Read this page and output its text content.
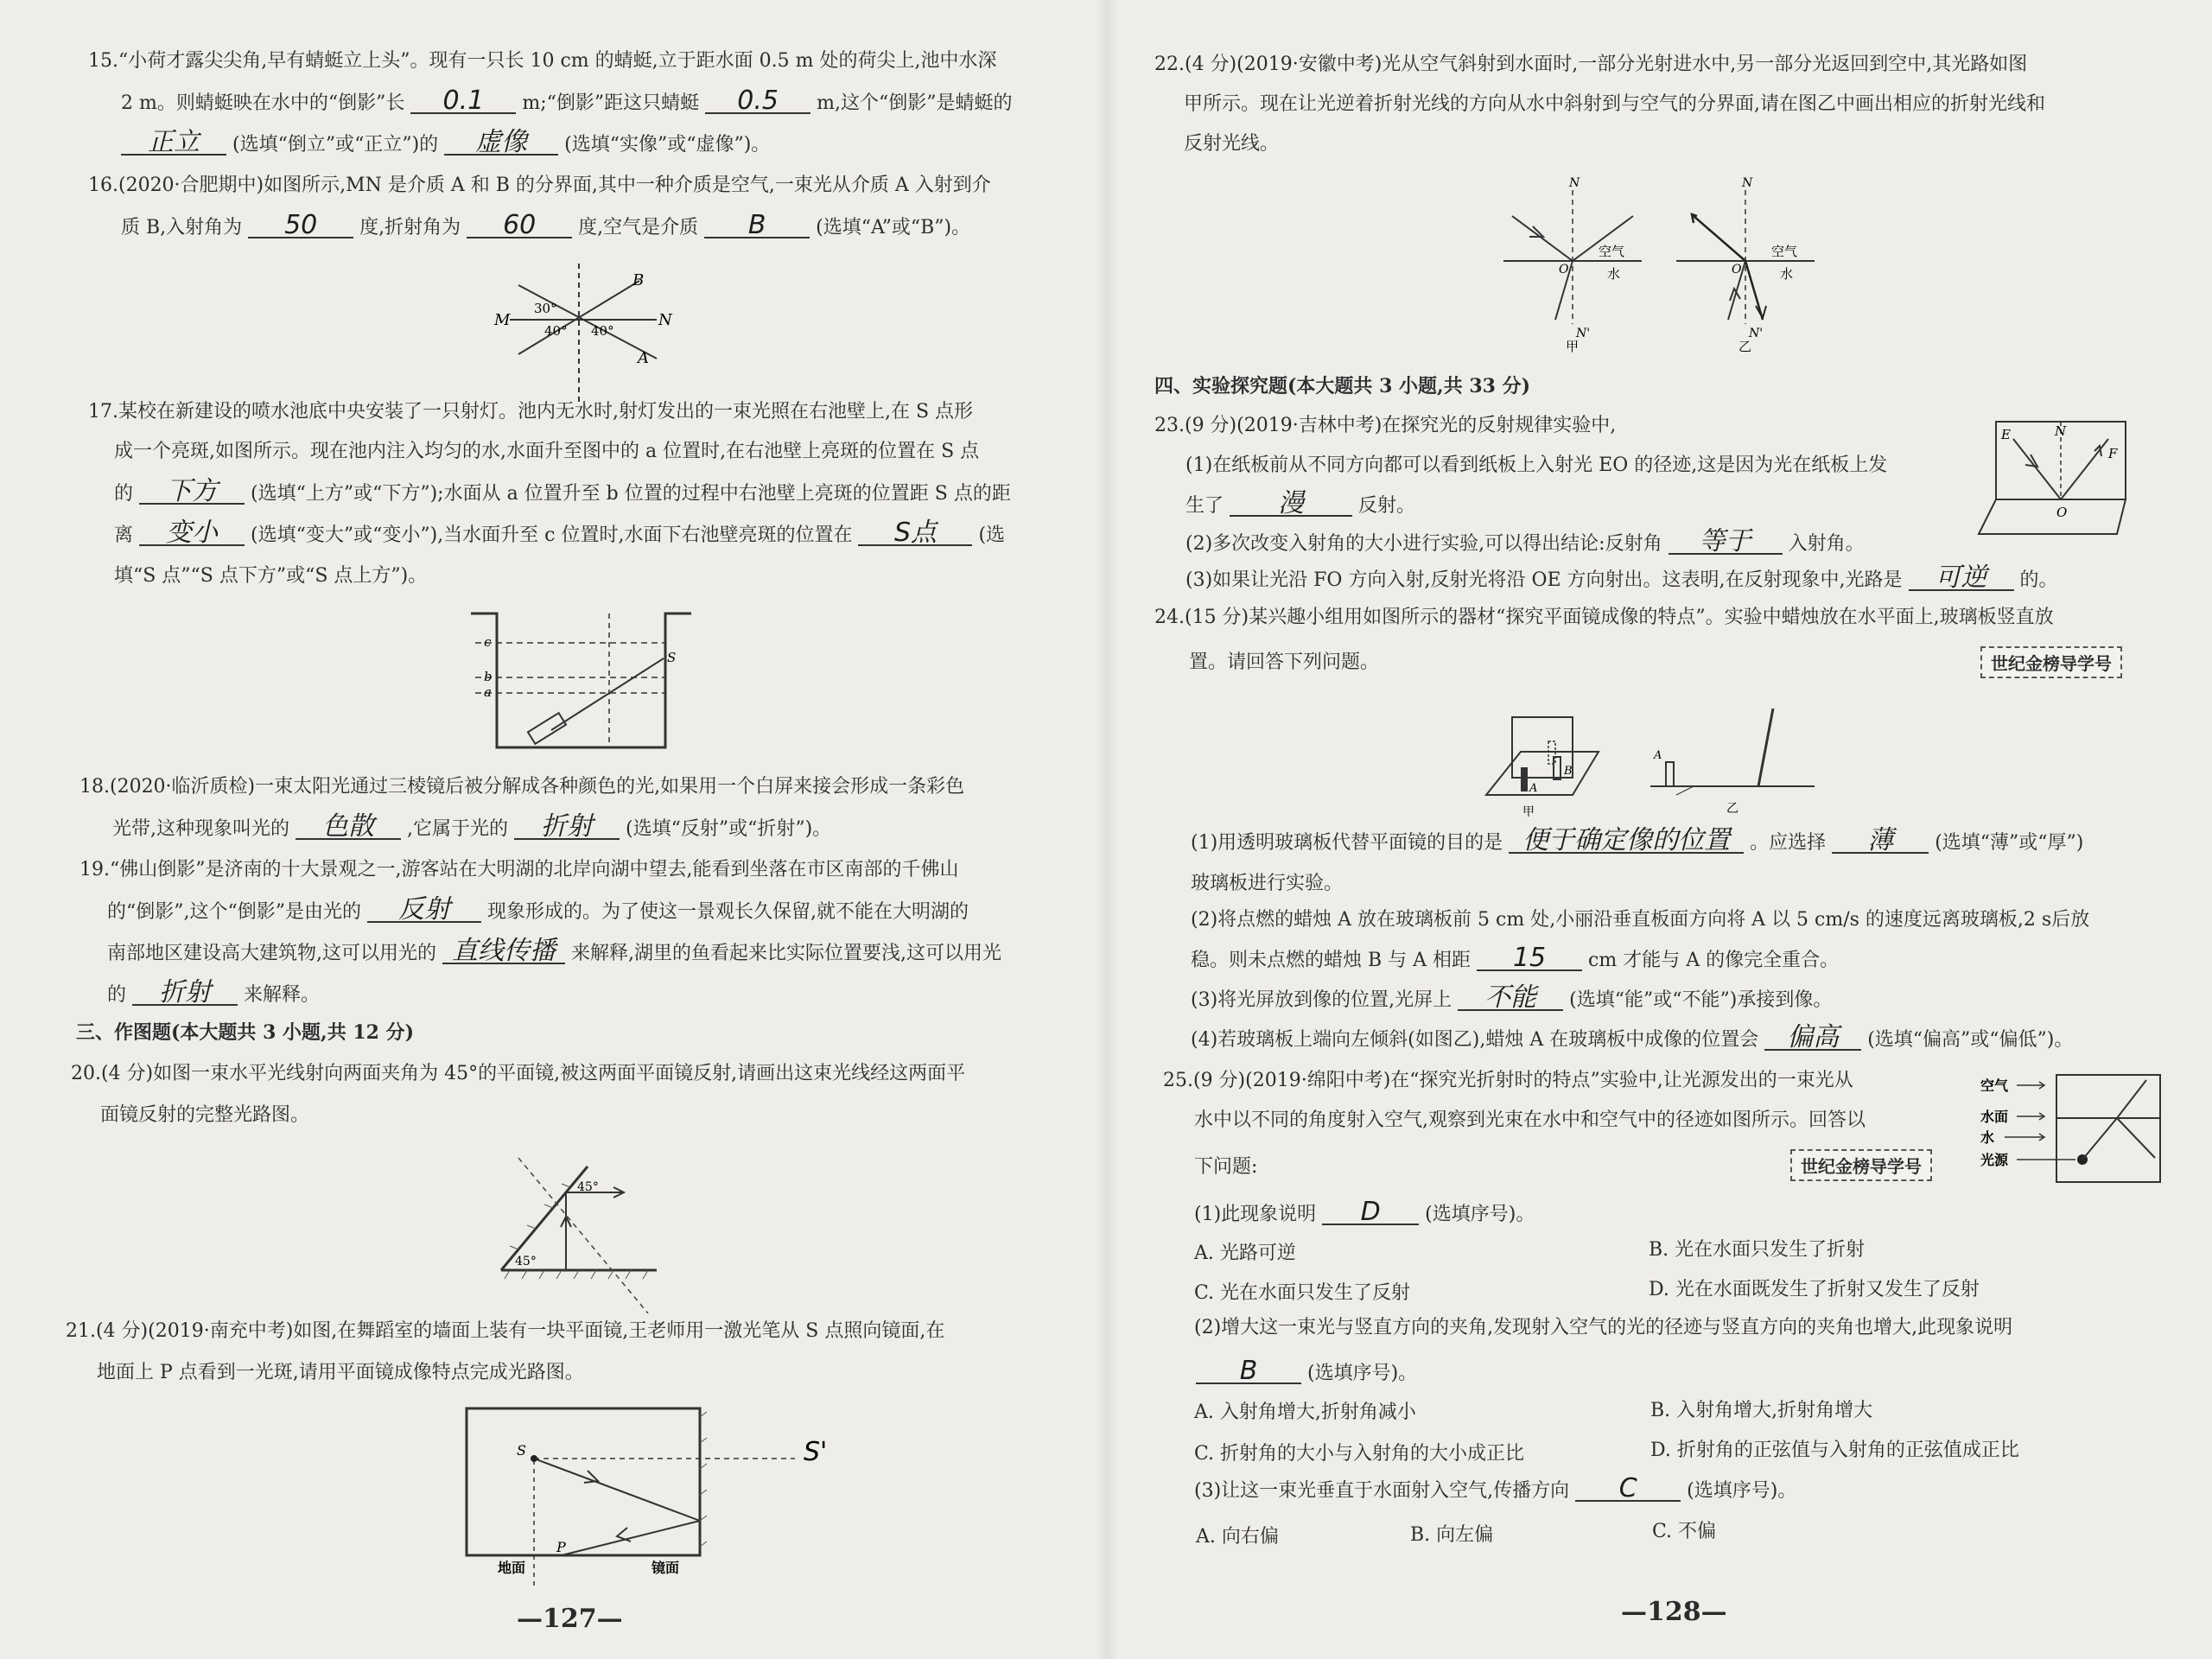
15.“小荷才露尖尖角,早有蜻蜓立上头”。现有一只长 10 cm 的蜻蜓,立于距水面 0.5 m 处的荷尖上,池中水深
2 m。则蜻蜓映在水中的“倒影”长 0.1 m;“倒影”距这只蜻蜓 0.5 m,这个“倒影”是蜻蜓的
正立 (选填“倒立”或“正立”)的 虚像 (选填“实像”或“虚像”)。
16.(2020·合肥期中)如图所示,MN 是介质 A 和 B 的分界面,其中一种介质是空气,一束光从介质 A 入射到介
质 B,入射角为 50 度,折射角为 60 度,空气是介质 B	(选填“A”或“B”)。
M	N
B
A
30°
40° 40°
17.某校在新建设的喷水池底中央安装了一只射灯。池内无水时,射灯发出的一束光照在右池壁上,在 S 点形
成一个亮斑,如图所示。现在池内注入均匀的水,水面升至图中的 a 位置时,在右池壁上亮斑的位置在 S 点
的 下方 (选填“上方”或“下方”);水面从 a 位置升至 b 位置的过程中右池壁上亮斑的位置距 S 点的距
离 变小 (选填“变大”或“变小”),当水面升至 c 位置时,水面下右池壁亮斑的位置在 S点 (选
填“S 点”“S 点下方”或“S 点上方”)。
c
b
a
S
18.(2020·临沂质检)一束太阳光通过三棱镜后被分解成各种颜色的光,如果用一个白屏来接会形成一条彩色
光带,这种现象叫光的 色散 ,它属于光的 折射 (选填“反射”或“折射”)。
19.“佛山倒影”是济南的十大景观之一,游客站在大明湖的北岸向湖中望去,能看到坐落在市区南部的千佛山
的“倒影”,这个“倒影”是由光的 反射 现象形成的。为了使这一景观长久保留,就不能在大明湖的
南部地区建设高大建筑物,这可以用光的 直线传播 来解释,湖里的鱼看起来比实际位置要浅,这可以用光
的 折射 来解释。
三、作图题(本大题共 3 小题,共 12 分)
20.(4 分)如图一束水平光线射向两面夹角为 45°的平面镜,被这两面平面镜反射,请画出这束光线经这两面平
面镜反射的完整光路图。
45°
45°
21.(4 分)(2019·南充中考)如图,在舞蹈室的墙面上装有一块平面镜,王老师用一激光笔从 S 点照向镜面,在
地面上 P 点看到一光斑,请用平面镜成像特点完成光路图。
S	S'
P
地面	镜面
—127—
22.(4 分)(2019·安徽中考)光从空气斜射到水面时,一部分光射进水中,另一部分光返回到空中,其光路如图
甲所示。现在让光逆着折射光线的方向从水中斜射到与空气的分界面,请在图乙中画出相应的折射光线和
反射光线。
N
N'
O
空气
水
甲
N
N'
O
空气
水
乙
四、实验探究题(本大题共 3 小题,共 33 分)
23.(9 分)(2019·吉林中考)在探究光的反射规律实验中,
(1)在纸板前从不同方向都可以看到纸板上入射光 EO 的径迹,这是因为光在纸板上发
生了 漫	反射。
(2)多次改变入射角的大小进行实验,可以得出结论:反射角 等于 入射角。
(3)如果让光沿 FO 方向入射,反射光将沿 OE 方向射出。这表明,在反射现象中,光路是 可逆 的。
E	N
F
O
24.(15 分)某兴趣小组用如图所示的器材“探究平面镜成像的特点”。实验中蜡烛放在水平面上,玻璃板竖直放
置。请回答下列问题。	世纪金榜导学号
A
B
甲
A
乙
(1)用透明玻璃板代替平面镜的目的是 便于确定像的位置 。应选择 薄 (选填“薄”或“厚”)
玻璃板进行实验。
(2)将点燃的蜡烛 A 放在玻璃板前 5 cm 处,小丽沿垂直板面方向将 A 以 5 cm/s 的速度远离玻璃板,2 s后放
稳。则未点燃的蜡烛 B 与 A 相距 15 cm 才能与 A 的像完全重合。
(3)将光屏放到像的位置,光屏上 不能 (选填“能”或“不能”)承接到像。
(4)若玻璃板上端向左倾斜(如图乙),蜡烛 A 在玻璃板中成像的位置会 偏高 (选填“偏高”或“偏低”)。
25.(9 分)(2019·绵阳中考)在“探究光折射时的特点”实验中,让光源发出的一束光从
水中以不同的角度射入空气,观察到光束在水中和空气中的径迹如图所示。回答以
下问题:	世纪金榜导学号
空气
水面
水
光源
(1)此现象说明 D (选填序号)。
A. 光路可逆	B. 光在水面只发生了折射
C. 光在水面只发生了反射	D. 光在水面既发生了折射又发生了反射
(2)增大这一束光与竖直方向的夹角,发现射入空气的光的径迹与竖直方向的夹角也增大,此现象说明
B	(选填序号)。
A. 入射角增大,折射角减小	B. 入射角增大,折射角增大
C. 折射角的大小与入射角的大小成正比	D. 折射角的正弦值与入射角的正弦值成正比
(3)让这一束光垂直于水面射入空气,传播方向 C	(选填序号)。
A. 向右偏	B. 向左偏	C. 不偏
—128—
